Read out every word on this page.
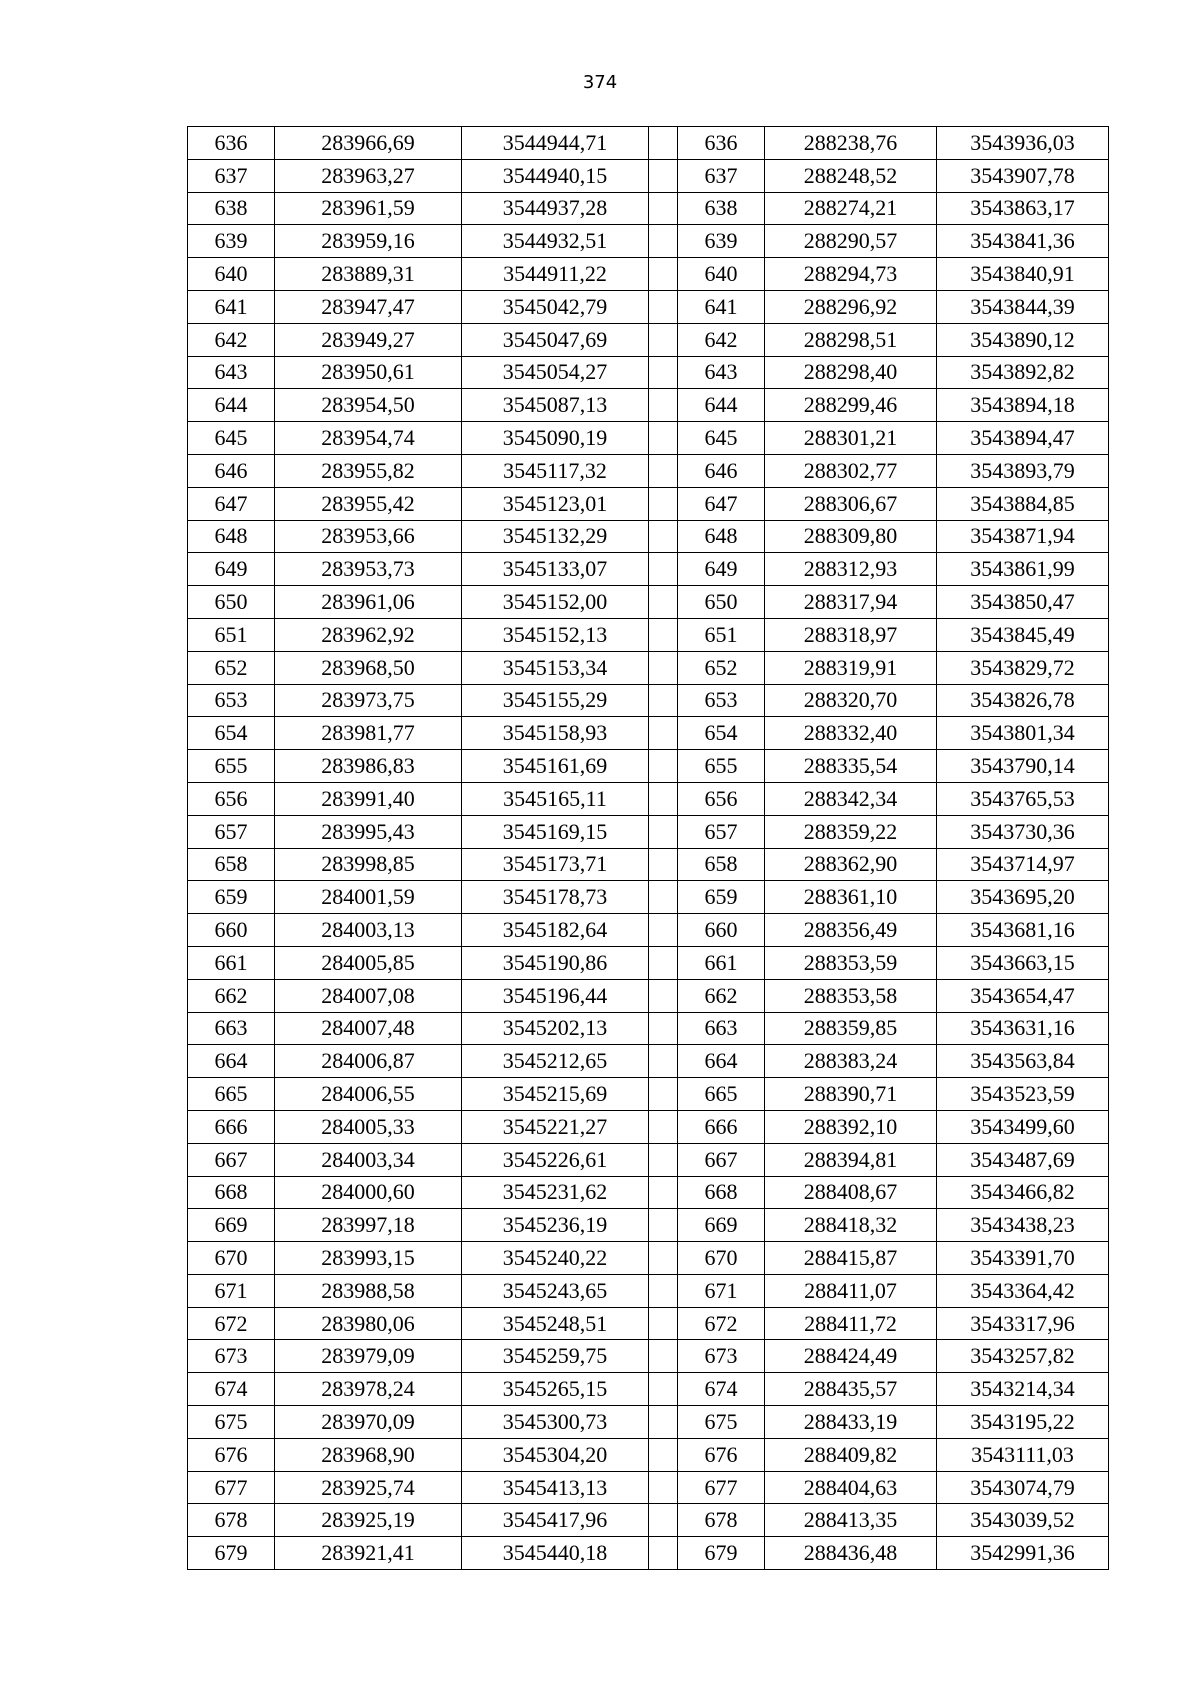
374
636	283966,69	3544944,71		636	288238,76	3543936,03
637	283963,27	3544940,15		637	288248,52	3543907,78
638	283961,59	3544937,28		638	288274,21	3543863,17
639	283959,16	3544932,51		639	288290,57	3543841,36
640	283889,31	3544911,22		640	288294,73	3543840,91
641	283947,47	3545042,79		641	288296,92	3543844,39
642	283949,27	3545047,69		642	288298,51	3543890,12
643	283950,61	3545054,27		643	288298,40	3543892,82
644	283954,50	3545087,13		644	288299,46	3543894,18
645	283954,74	3545090,19		645	288301,21	3543894,47
646	283955,82	3545117,32		646	288302,77	3543893,79
647	283955,42	3545123,01		647	288306,67	3543884,85
648	283953,66	3545132,29		648	288309,80	3543871,94
649	283953,73	3545133,07		649	288312,93	3543861,99
650	283961,06	3545152,00		650	288317,94	3543850,47
651	283962,92	3545152,13		651	288318,97	3543845,49
652	283968,50	3545153,34		652	288319,91	3543829,72
653	283973,75	3545155,29		653	288320,70	3543826,78
654	283981,77	3545158,93		654	288332,40	3543801,34
655	283986,83	3545161,69		655	288335,54	3543790,14
656	283991,40	3545165,11		656	288342,34	3543765,53
657	283995,43	3545169,15		657	288359,22	3543730,36
658	283998,85	3545173,71		658	288362,90	3543714,97
659	284001,59	3545178,73		659	288361,10	3543695,20
660	284003,13	3545182,64		660	288356,49	3543681,16
661	284005,85	3545190,86		661	288353,59	3543663,15
662	284007,08	3545196,44		662	288353,58	3543654,47
663	284007,48	3545202,13		663	288359,85	3543631,16
664	284006,87	3545212,65		664	288383,24	3543563,84
665	284006,55	3545215,69		665	288390,71	3543523,59
666	284005,33	3545221,27		666	288392,10	3543499,60
667	284003,34	3545226,61		667	288394,81	3543487,69
668	284000,60	3545231,62		668	288408,67	3543466,82
669	283997,18	3545236,19		669	288418,32	3543438,23
670	283993,15	3545240,22		670	288415,87	3543391,70
671	283988,58	3545243,65		671	288411,07	3543364,42
672	283980,06	3545248,51		672	288411,72	3543317,96
673	283979,09	3545259,75		673	288424,49	3543257,82
674	283978,24	3545265,15		674	288435,57	3543214,34
675	283970,09	3545300,73		675	288433,19	3543195,22
676	283968,90	3545304,20		676	288409,82	3543111,03
677	283925,74	3545413,13		677	288404,63	3543074,79
678	283925,19	3545417,96		678	288413,35	3543039,52
679	283921,41	3545440,18		679	288436,48	3542991,36
